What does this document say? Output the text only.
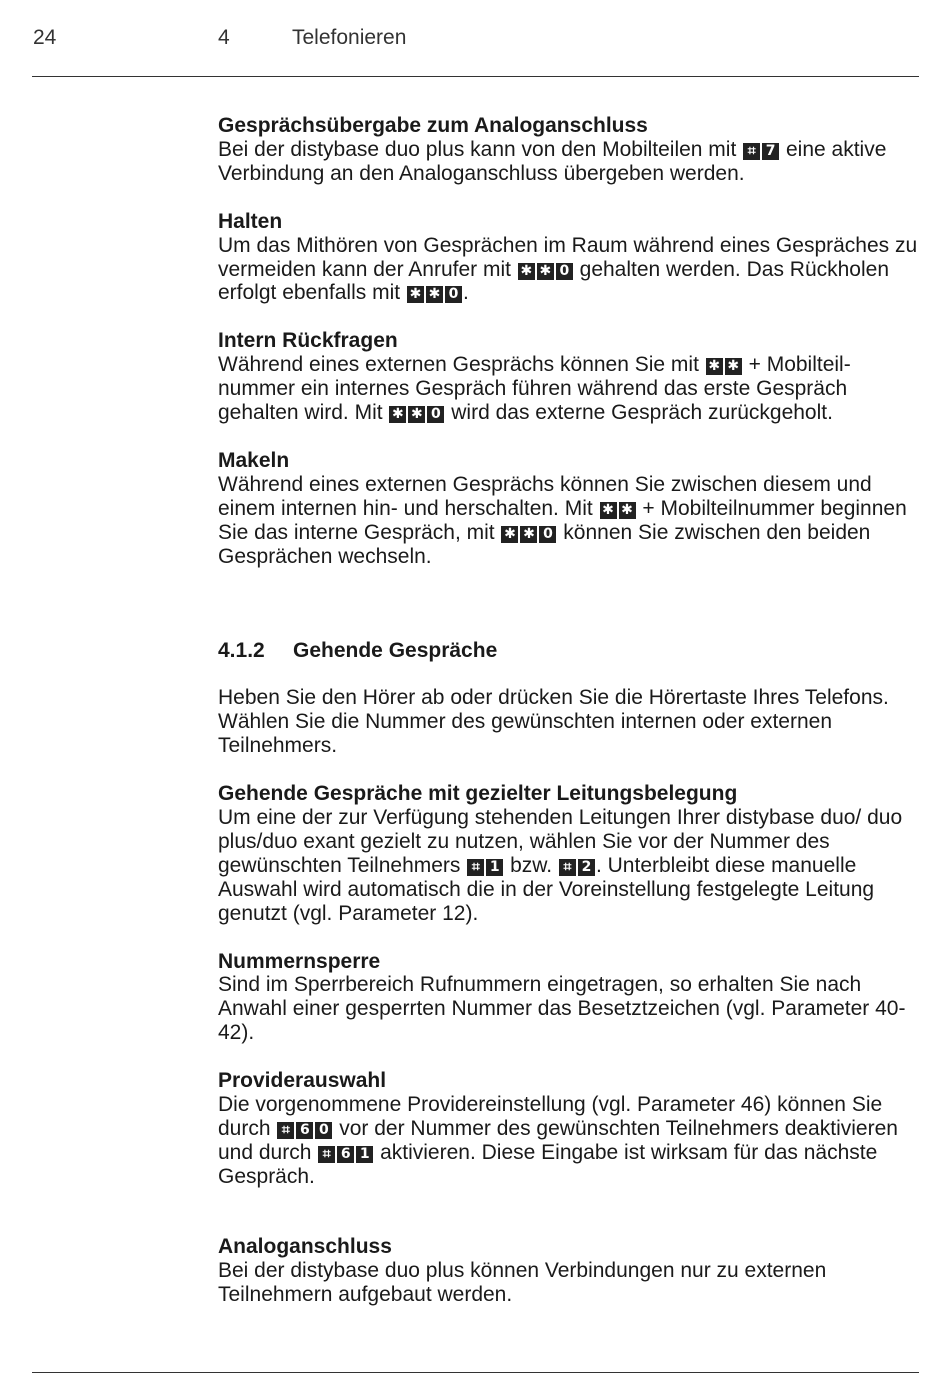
24	4	Telefonieren
Gesprächsübergabe zum Analoganschluss

Bei der distybase duo plus kann von den Mobilteilen mit ⌗ 7 eine aktive Verbindung an den Analoganschluss übergeben werden.

Halten

Um das Mithören von Gesprächen im Raum während eines Gespräches zu vermeiden kann der Anrufer mit ✱ ✱ 0 gehalten werden. Das Rückholen erfolgt ebenfalls mit ✱ ✱ 0 .

Intern Rückfragen

Während eines externen Gesprächs können Sie mit ✱ ✱ + Mobilteilnummer ein internes Gespräch führen während das erste Gespräch gehalten wird. Mit ✱ ✱ 0 wird das externe Gespräch zurückgeholt.

Makeln

Während eines externen Gesprächs können Sie zwischen diesem und einem internen hin- und herschalten. Mit ✱ ✱ + Mobilteilnummer beginnen Sie das interne Gespräch, mit ✱ ✱ 0 können Sie zwischen den beiden Gesprächen wechseln.

4.1.2 Gehende Gespräche

Heben Sie den Hörer ab oder drücken Sie die Hörertaste Ihres Telefons. Wählen Sie die Nummer des gewünschten internen oder externen Teilnehmers.

Gehende Gespräche mit gezielter Leitungsbelegung

Um eine der zur Verfügung stehenden Leitungen Ihrer distybase duo/ duo plus/duo exant gezielt zu nutzen, wählen Sie vor der Nummer des gewünschten Teilnehmers ⌗ 1 bzw. ⌗ 2 . Unterbleibt diese manuelle Auswahl wird automatisch die in der Voreinstellung festgelegte Leitung genutzt (vgl. Parameter 12).

Nummernsperre

Sind im Sperrbereich Rufnummern eingetragen, so erhalten Sie nach Anwahl einer gesperrten Nummer das Besetztzeichen (vgl. Parameter 40-42).

Providerauswahl

Die vorgenommene Providereinstellung (vgl. Parameter 46) können Sie durch ⌗ 6 0 vor der Nummer des gewünschten Teilnehmers deaktivieren und durch ⌗ 6 1 aktivieren. Diese Eingabe ist wirksam für das nächste Gespräch.

Analoganschluss

Bei der distybase duo plus können Verbindungen nur zu externen Teilnehmern aufgebaut werden.
